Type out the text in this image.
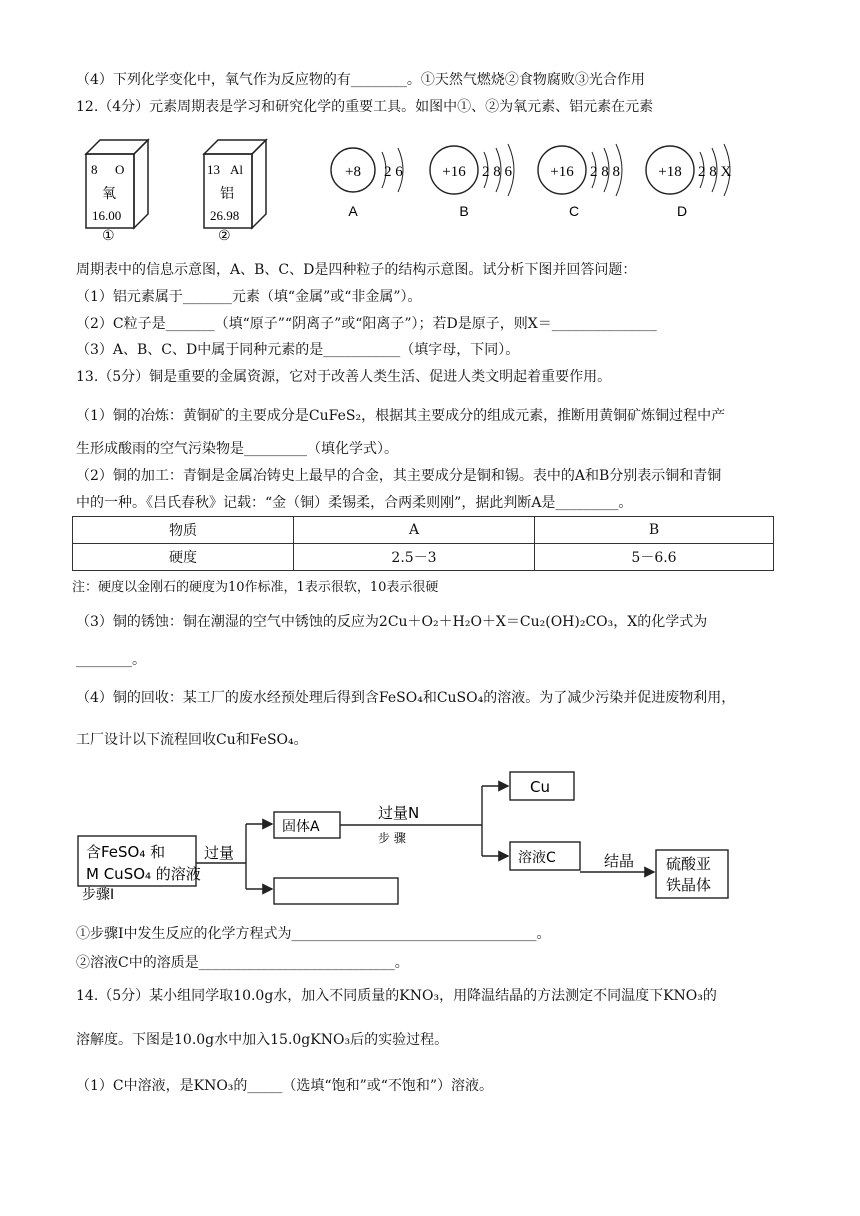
（4）下列化学变化中，氧气作为反应物的有________。①天然气燃烧②食物腐败③光合作用
12.（4分）元素周期表是学习和研究化学的重要工具。如图中①、②为氧元素、铝元素在元素
8 O
氧
16.00
①
13 Al
铝
26.98
②
+8 2 6
A
+16 2 8 6
B
+16 2 8 8
C
+18 2 8 X
D
周期表中的信息示意图，A、B、C、D是四种粒子的结构示意图。试分析下图并回答问题：
（1）铝元素属于_______元素（填“金属”或“非金属”）。
（2）C粒子是_______（填“原子”“阴离子”或“阳离子”）；若D是原子，则X＝_______________
（3）A、B、C、D中属于同种元素的是___________（填字母，下同）。
13.（5分）铜是重要的金属资源，它对于改善人类生活、促进人类文明起着重要作用。
（1）铜的冶炼：黄铜矿的主要成分是CuFeS₂，根据其主要成分的组成元素，推断用黄铜矿炼铜过程中产
生形成酸雨的空气污染物是_________（填化学式）。
（2）铜的加工：青铜是金属冶铸史上最早的合金，其主要成分是铜和锡。表中的A和B分别表示铜和青铜
中的一种。《吕氏春秋》记载：“金（铜）柔锡柔，合两柔则刚”，据此判断A是_________。
物质	A	B
硬度	2.5－3	5－6.6
注：硬度以金刚石的硬度为10作标准，1表示很软，10表示很硬
（3）铜的锈蚀：铜在潮湿的空气中锈蚀的反应为2Cu＋O₂＋H₂O＋X＝Cu₂(OH)₂CO₃，X的化学式为
________。
（4）铜的回收：某工厂的废水经预处理后得到含FeSO₄和CuSO₄的溶液。为了减少污染并促进废物利用，
工厂设计以下流程回收Cu和FeSO₄。
含FeSO₄ 和
M CuSO₄ 的溶液
步骤I
过量
固体A
过量N
步 骤
Cu
溶液C	结晶 硫酸亚
铁晶体
①步骤I中发生反应的化学方程式为___________________________________。
②溶液C中的溶质是____________________________。
14.（5分）某小组同学取10.0g水，加入不同质量的KNO₃，用降温结晶的方法测定不同温度下KNO₃的
溶解度。下图是10.0g水中加入15.0gKNO₃后的实验过程。
（1）C中溶液，是KNO₃的_____（选填“饱和”或“不饱和”）溶液。
